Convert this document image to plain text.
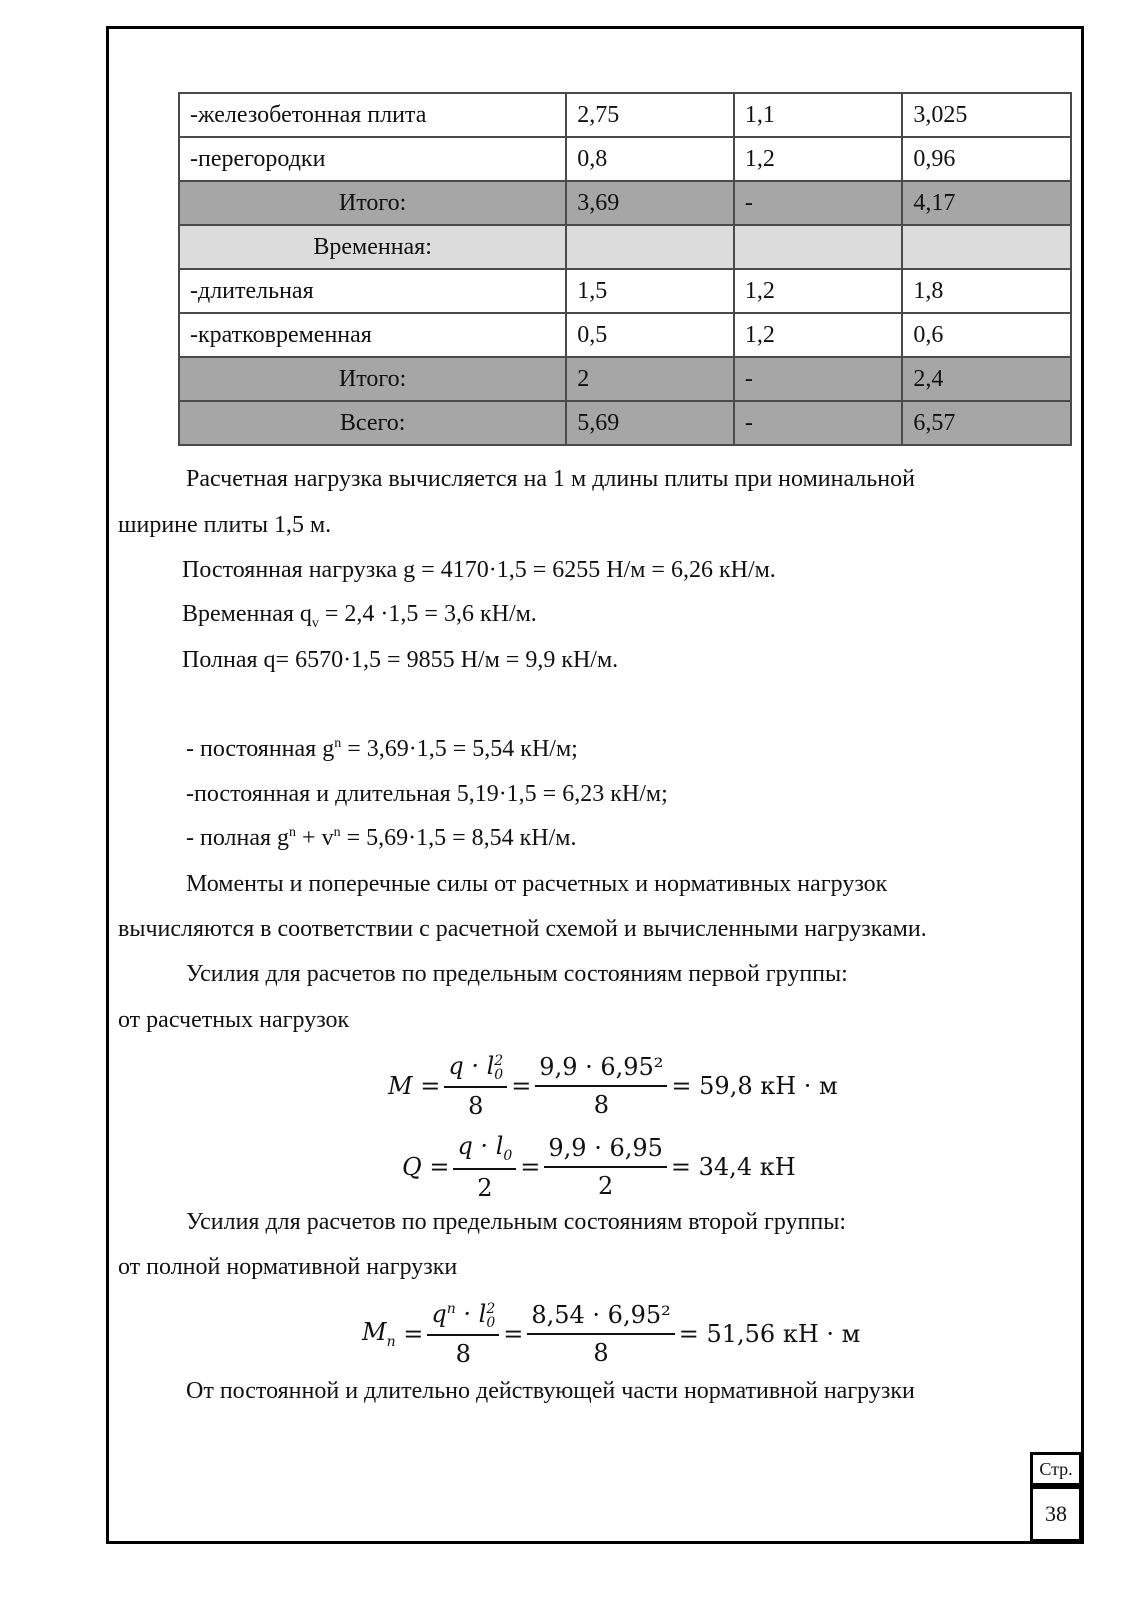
-железобетонная плита	2,75	1,1	3,025
-перегородки	0,8	1,2	0,96
Итого:	3,69	-	4,17
Временная:			
-длительная	1,5	1,2	1,8
-кратковременная	0,5	1,2	0,6
Итого:	2	-	2,4
Всего:	5,69	-	6,57
Расчетная нагрузка вычисляется на 1 м длины плиты при номинальной
ширине плиты 1,5 м.
Постоянная нагрузка g = 4170·1,5 = 6255 Н/м = 6,26 кН/м.
Временная $q_v = 2,4 \cdot 1,5 = 3,6$ кН/м.
Полная q= 6570·1,5 = 9855 Н/м = 9,9 кН/м.
- постоянная $g^n = 3,69\cdot 1,5 = 5,54$ кН/м;
-постоянная и длительная 5,19·1,5 = 6,23 кН/м;
- полная $g^n + v^n = 5,69\cdot 1,5 = 8,54$ кН/м.
Моменты и поперечные силы от расчетных и нормативных нагрузок
вычисляются в соответствии с расчетной схемой и вычисленными нагрузками.
Усилия для расчетов по предельным состояниям первой группы:
от расчетных нагрузок
M = q · l 2
0
$8 = \frac{\text{9,9 · 6,95²}}{8} = 59,8$ кН · м
$Q = \frac{q \cdot l_0}{2} = \frac{9,9 \cdot 6,95}{2} = 34,4$ кН
Усилия для расчетов по предельным состояниям второй группы:
от полной нормативной нагрузки
$M_n = q^n \cdot l$ 2
0
$8 = \frac{\text{8,54 · 6,95²}}{8} = 51,56$ кН · м
От постоянной и длительно действующей части нормативной нагрузки
Стр.
38
